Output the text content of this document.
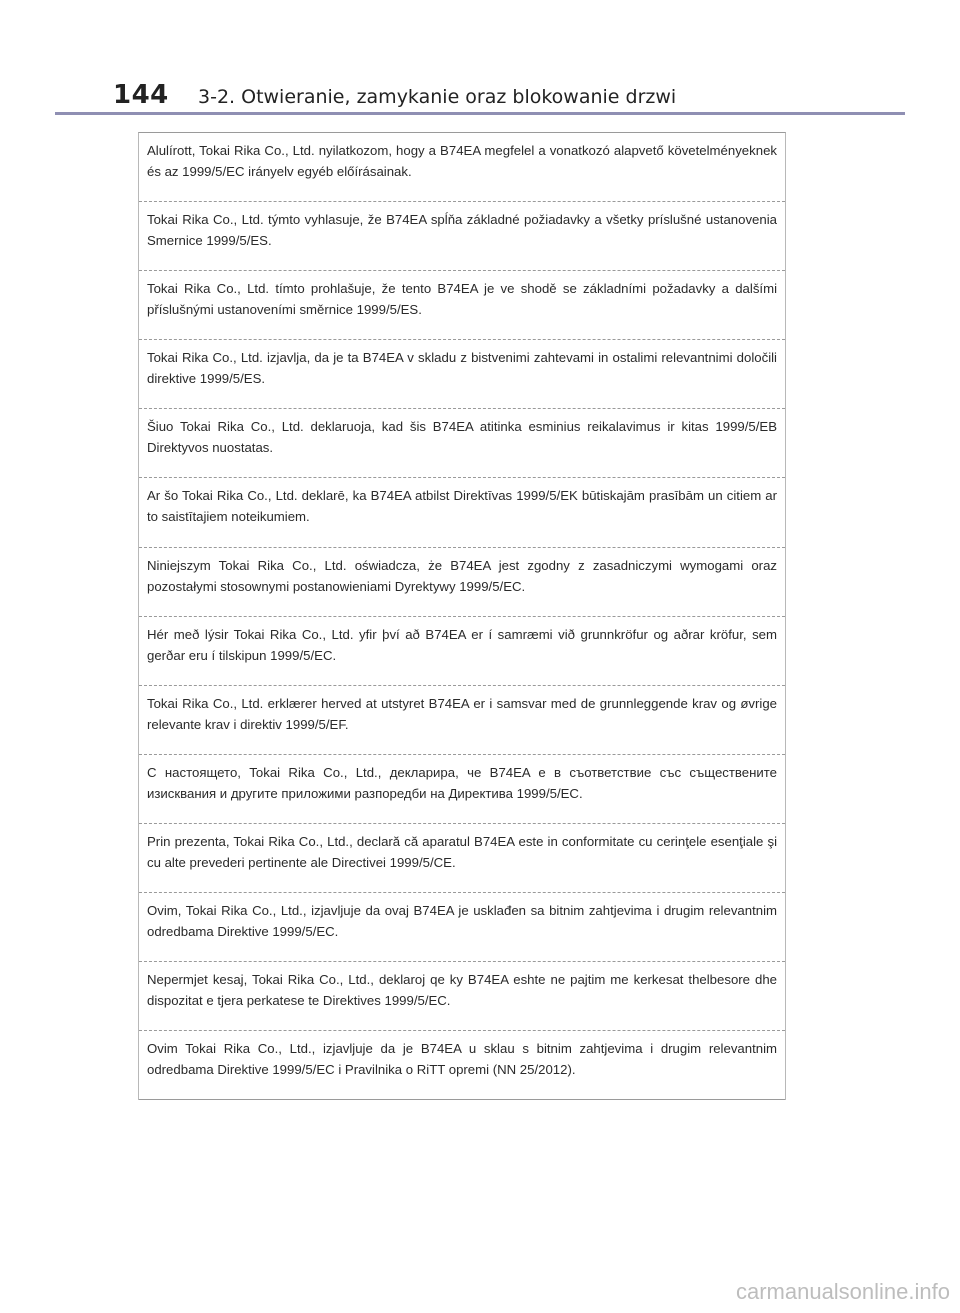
144 3-2. Otwieranie, zamykanie oraz blokowanie drzwi
Alulírott, Tokai Rika Co., Ltd. nyilatkozom, hogy a B74EA megfelel a vonatkozó alapvető követelményeknek és az 1999/5/EC irányelv egyéb előírásainak.
Tokai Rika Co., Ltd. týmto vyhlasuje, že B74EA spĺňa základné požiadavky a všetky príslušné ustanovenia Smernice 1999/5/ES.
Tokai Rika Co., Ltd. tímto prohlašuje, že tento B74EA je ve shodě se základními požadavky a dalšími příslušnými ustanoveními směrnice 1999/5/ES.
Tokai Rika Co., Ltd. izjavlja, da je ta B74EA v skladu z bistvenimi zahtevami in ostalimi relevantnimi določili direktive 1999/5/ES.
Šiuo Tokai Rika Co., Ltd. deklaruoja, kad šis B74EA atitinka esminius reikalavimus ir kitas 1999/5/EB Direktyvos nuostatas.
Ar šo Tokai Rika Co., Ltd. deklarē, ka B74EA atbilst Direktīvas 1999/5/EK būtiskajām prasībām un citiem ar to saistītajiem noteikumiem.
Niniejszym Tokai Rika Co., Ltd. oświadcza, że B74EA jest zgodny z zasadniczymi wymogami oraz pozostałymi stosownymi postanowieniami Dyrektywy 1999/5/EC.
Hér með lýsir Tokai Rika Co., Ltd. yfir því að B74EA er í samræmi við grunnkröfur og aðrar kröfur, sem gerðar eru í tilskipun 1999/5/EC.
Tokai Rika Co., Ltd. erklærer herved at utstyret B74EA er i samsvar med de grunnleggende krav og øvrige relevante krav i direktiv 1999/5/EF.
С настоящето, Tokai Rika Co., Ltd., декларира, че B74EA е в съответствие със съществените изисквания и другите приложими разпоредби на Директива 1999/5/ЕС.
Prin prezenta, Tokai Rika Co., Ltd., declară că aparatul B74EA este in conformitate cu cerinţele esenţiale şi cu alte prevederi pertinente ale Directivei 1999/5/CE.
Ovim, Tokai Rika Co., Ltd., izjavljuje da ovaj B74EA je usklađen sa bitnim zahtjevima i drugim relevantnim odredbama Direktive 1999/5/EC.
Nepermjet kesaj, Tokai Rika Co., Ltd., deklaroj qe ky B74EA eshte ne pajtim me kerkesat thelbesore dhe dispozitat e tjera perkatese te Direktives 1999/5/EC.
Ovim Tokai Rika Co., Ltd., izjavljuje da je B74EA u sklau s bitnim zahtjevima i drugim relevantnim odredbama Direktive 1999/5/EC i Pravilnika o RiTT opremi (NN 25/2012).
carmanualsonline.info
